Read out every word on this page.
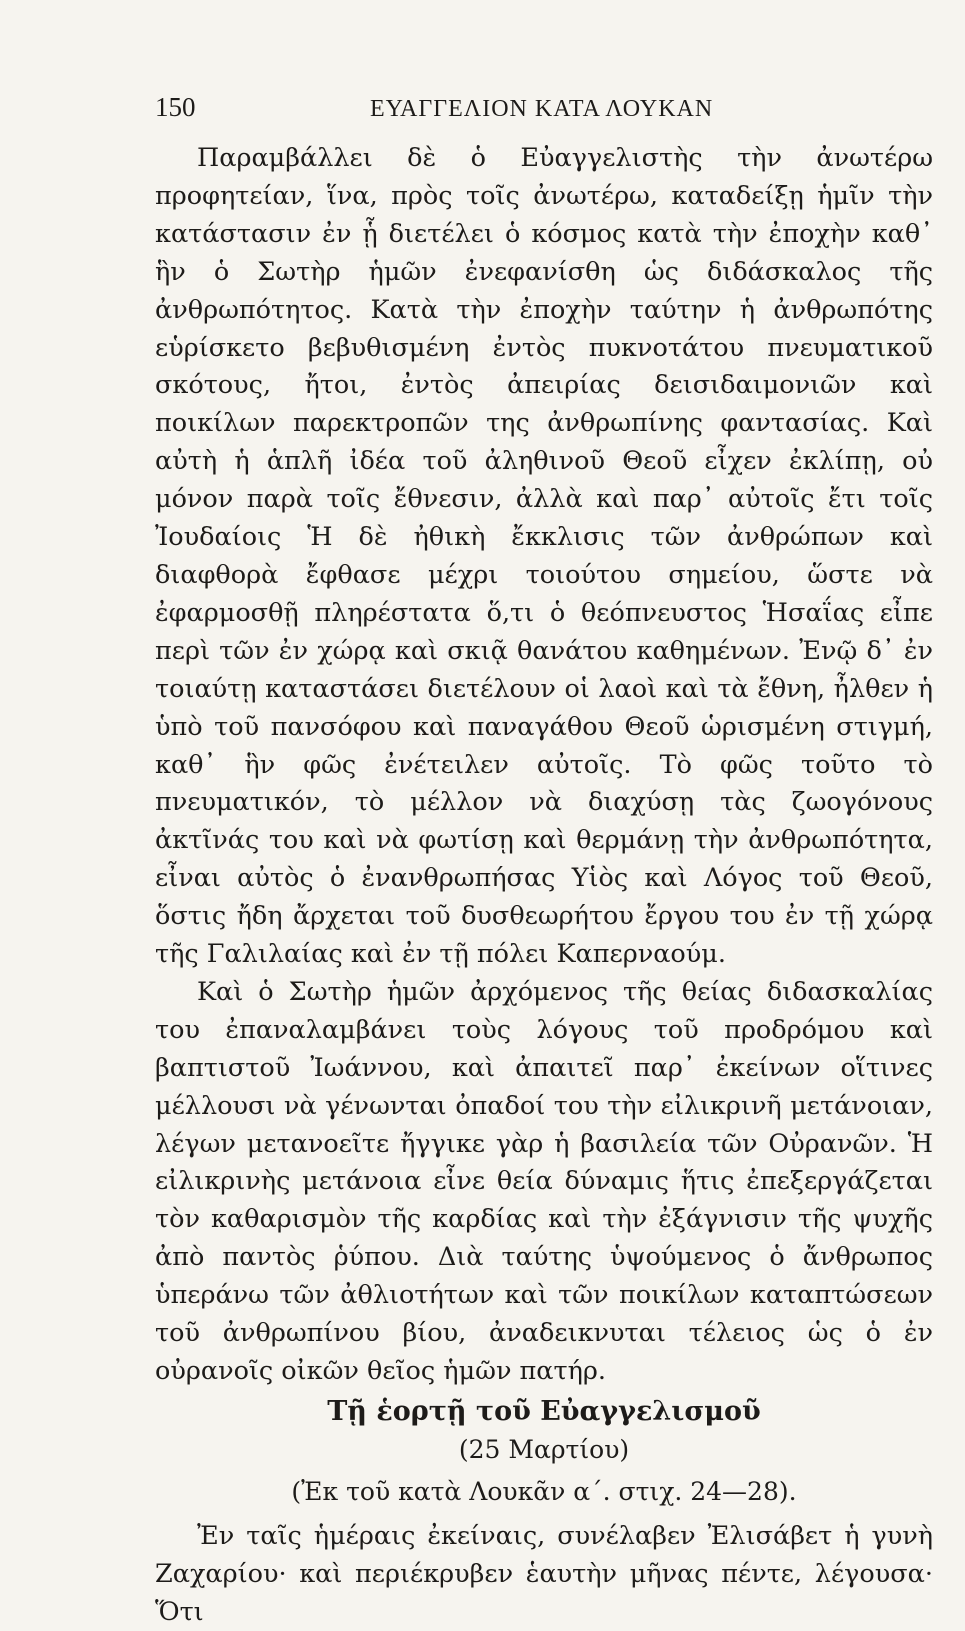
150	ΕΥΑΓΓΕΛΙΟΝ ΚΑΤΑ ΛΟΥΚΑΝ

Παραμβάλλει δὲ ὁ Εὐαγγελιστὴς τὴν ἀνωτέρω προφητείαν, ἵνα, πρὸς τοῖς ἀνωτέρω, καταδείξῃ ἡμῖν τὴν κατάστασιν ἐν ᾗ διετέλει ὁ κόσμος κατὰ τὴν ἐποχὴν καθ᾽ ἣν ὁ Σωτὴρ ἡμῶν ἐνεφανίσθη ὡς διδάσκαλος τῆς ἀνθρωπότητος. Κατὰ τὴν ἐποχὴν ταύτην ἡ ἀνθρωπότης εὑρίσκετο βεβυθισμένη ἐντὸς πυκνοτάτου πνευματικοῦ σκότους, ἤτοι, ἐντὸς ἀπειρίας δεισιδαιμονιῶν καὶ ποικίλων παρεκτροπῶν της ἀνθρωπίνης φαντασίας. Καὶ αὐτὴ ἡ ἁπλῆ ἰδέα τοῦ ἀληθινοῦ Θεοῦ εἶχεν ἐκλίπῃ, οὐ μόνον παρὰ τοῖς ἔθνεσιν, ἀλλὰ καὶ παρ᾽ αὐτοῖς ἔτι τοῖς Ἰουδαίοις Ἡ δὲ ἠθικὴ ἔκκλισις τῶν ἀνθρώπων καὶ διαφθορὰ ἔφθασε μέχρι τοιούτου σημείου, ὥστε νὰ ἐφαρμοσθῇ πληρέστατα ὅ,τι ὁ θεόπνευστος Ἡσαΐας εἶπε περὶ τῶν ἐν χώρᾳ καὶ σκιᾷ θανάτου καθημένων. Ἐνῷ δ᾽ ἐν τοιαύτῃ καταστάσει διετέλουν οἱ λαοὶ καὶ τὰ ἔθνη, ἦλθεν ἡ ὑπὸ τοῦ πανσόφου καὶ παναγάθου Θεοῦ ὡρισμένη στιγμή, καθ᾽ ἣν φῶς ἐνέτειλεν αὐτοῖς. Τὸ φῶς τοῦτο τὸ πνευματικόν, τὸ μέλλον νὰ διαχύσῃ τὰς ζωογόνους ἀκτῖνάς του καὶ νὰ φωτίσῃ καὶ θερμάνῃ τὴν ἀνθρωπότητα, εἶναι αὐτὸς ὁ ἐνανθρωπήσας Υἱὸς καὶ Λόγος τοῦ Θεοῦ, ὅστις ἤδη ἄρχεται τοῦ δυσθεωρήτου ἔργου του ἐν τῇ χώρᾳ τῆς Γαλιλαίας καὶ ἐν τῇ πόλει Καπερναούμ.

Καὶ ὁ Σωτὴρ ἡμῶν ἀρχόμενος τῆς θείας διδασκαλίας του ἐπαναλαμβάνει τοὺς λόγους τοῦ προδρόμου καὶ βαπτιστοῦ Ἰωάννου, καὶ ἀπαιτεῖ παρ᾽ ἐκείνων οἵτινες μέλλουσι νὰ γένωνται ὀπαδοί του τὴν εἰλικρινῆ μετάνοιαν, λέγων μετανοεῖτε ἤγγικε γὰρ ἡ βασιλεία τῶν Οὐρανῶν. Ἡ εἰλικρινὴς μετάνοια εἶνε θεία δύναμις ἥτις ἐπεξεργάζεται τὸν καθαρισμὸν τῆς καρδίας καὶ τὴν ἐξάγνισιν τῆς ψυχῆς ἀπὸ παντὸς ῥύπου. Διὰ ταύτης ὑψούμενος ὁ ἄνθρωπος ὑπεράνω τῶν ἀθλιοτήτων καὶ τῶν ποικίλων καταπτώσεων τοῦ ἀνθρωπίνου βίου, ἀναδεικνυται τέλειος ὡς ὁ ἐν οὐρανοῖς οἰκῶν θεῖος ἡμῶν πατήρ.

Τῇ ἑορτῇ τοῦ Εὐαγγελισμοῦ
(25 Μαρτίου)
(Ἐκ τοῦ κατὰ Λουκᾶν α΄. στιχ. 24—28).

Ἐν ταῖς ἡμέραις ἐκείναις, συνέλαβεν Ἐλισάβετ ἡ γυνὴ Ζαχαρίου· καὶ περιέκρυβεν ἑαυτὴν μῆνας πέντε, λέγουσα· Ὅτι
